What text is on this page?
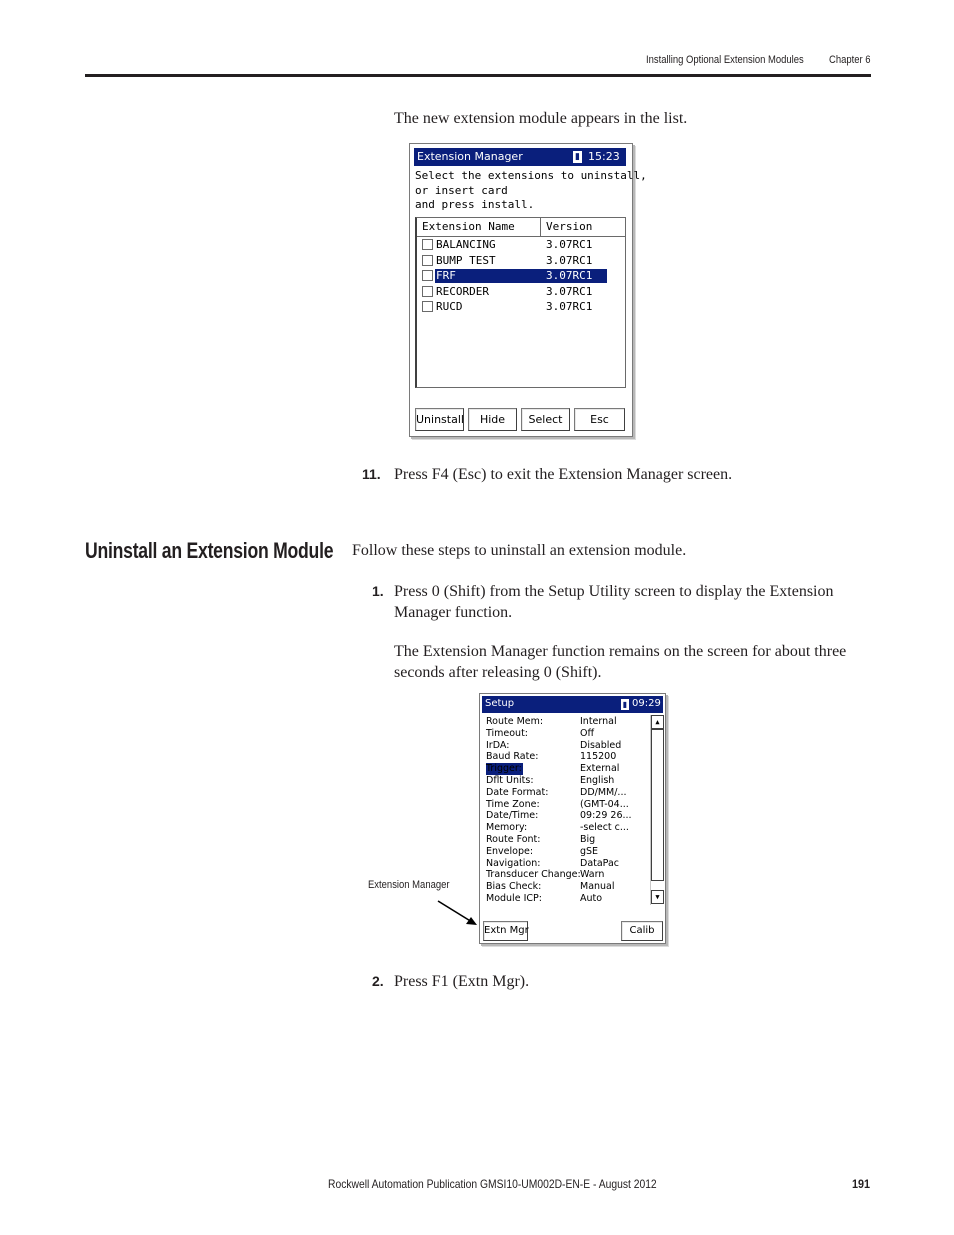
Installing Optional Extension Modules Chapter 6
The new extension module appears in the list.
Extension Manager	▮ 15:23
Select the extensions to uninstall,
or insert card
and press install.
Extension Name	Version
BALANCING	3.07RC1
BUMP TEST	3.07RC1
FRF	3.07RC1
RECORDER	3.07RC1
RUCD	3.07RC1
Uninstall	Hide	Select	Esc
11. Press F4 (Esc) to exit the Extension Manager screen.
Uninstall an Extension Module Follow these steps to uninstall an extension module.
1. Press 0 (Shift) from the Setup Utility screen to display the Extension Manager function.
The Extension Manager function remains on the screen for about three seconds after releasing 0 (Shift).
Setup	▮ 09:29
Route Mem:	Internal
Timeout:	Off
IrDA:	Disabled
Baud Rate:	115200
Trigger:	External
Dflt Units:	English
Date Format:	DD/MM/...
Time Zone:	(GMT-04...
Date/Time:	09:29 26...
Memory:	-select c...
Route Font:	Big
Envelope:	gSE
Navigation:	DataPac
Transducer Change: Warn
Bias Check:	Manual
Module ICP:	Auto
▲
▼
Extn Mgr	Calib
Extension Manager
2. Press F1 (Extn Mgr).
Rockwell Automation Publication GMSI10-UM002D-EN-E - August 2012	191
